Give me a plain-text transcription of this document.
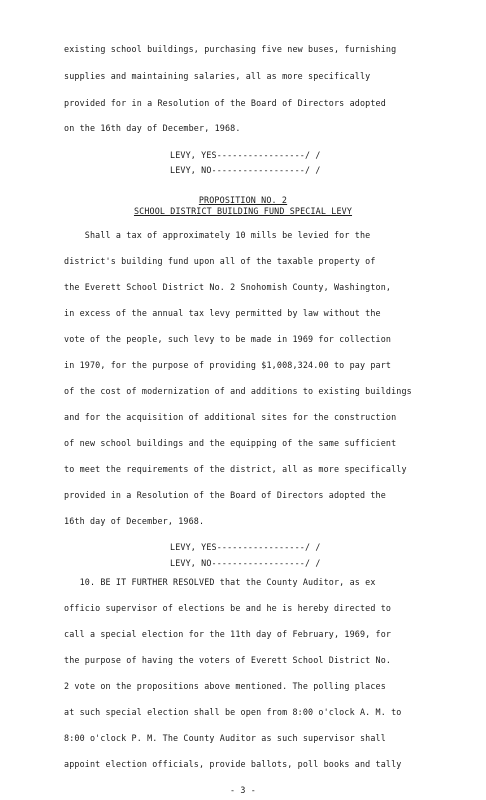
existing school buildings, purchasing five new buses, furnishing

supplies and maintaining salaries, all as more specifically

provided for in a Resolution of the Board of Directors adopted

on the 16th day of December, 1968.

LEVY, YES-----------------/ /

LEVY, NO------------------/ /

PROPOSITION NO. 2

SCHOOL DISTRICT BUILDING FUND SPECIAL LEVY

Shall a tax of approximately 10 mills be levied for the

district's building fund upon all of the taxable property of

the Everett School District No. 2 Snohomish County, Washington,

in excess of the annual tax levy permitted by law without the

vote of the people, such levy to be made in 1969 for collection

in 1970, for the purpose of providing $1,008,324.00 to pay part

of the cost of modernization of and additions to existing buildings

and for the acquisition of additional sites for the construction

of new school buildings and the equipping of the same sufficient

to meet the requirements of the district, all as more specifically

provided in a Resolution of the Board of Directors adopted the

16th day of December, 1968.

LEVY, YES-----------------/ /

LEVY, NO------------------/ /

10. BE IT FURTHER RESOLVED that the County Auditor, as ex

officio supervisor of elections be and he is hereby directed to

call a special election for the 11th day of February, 1969, for

the purpose of having the voters of Everett School District No.

2 vote on the propositions above mentioned. The polling places

at such special election shall be open from 8:00 o'clock A. M. to

8:00 o'clock P. M. The County Auditor as such supervisor shall

appoint election officials, provide ballots, poll books and tally

- 3 -
